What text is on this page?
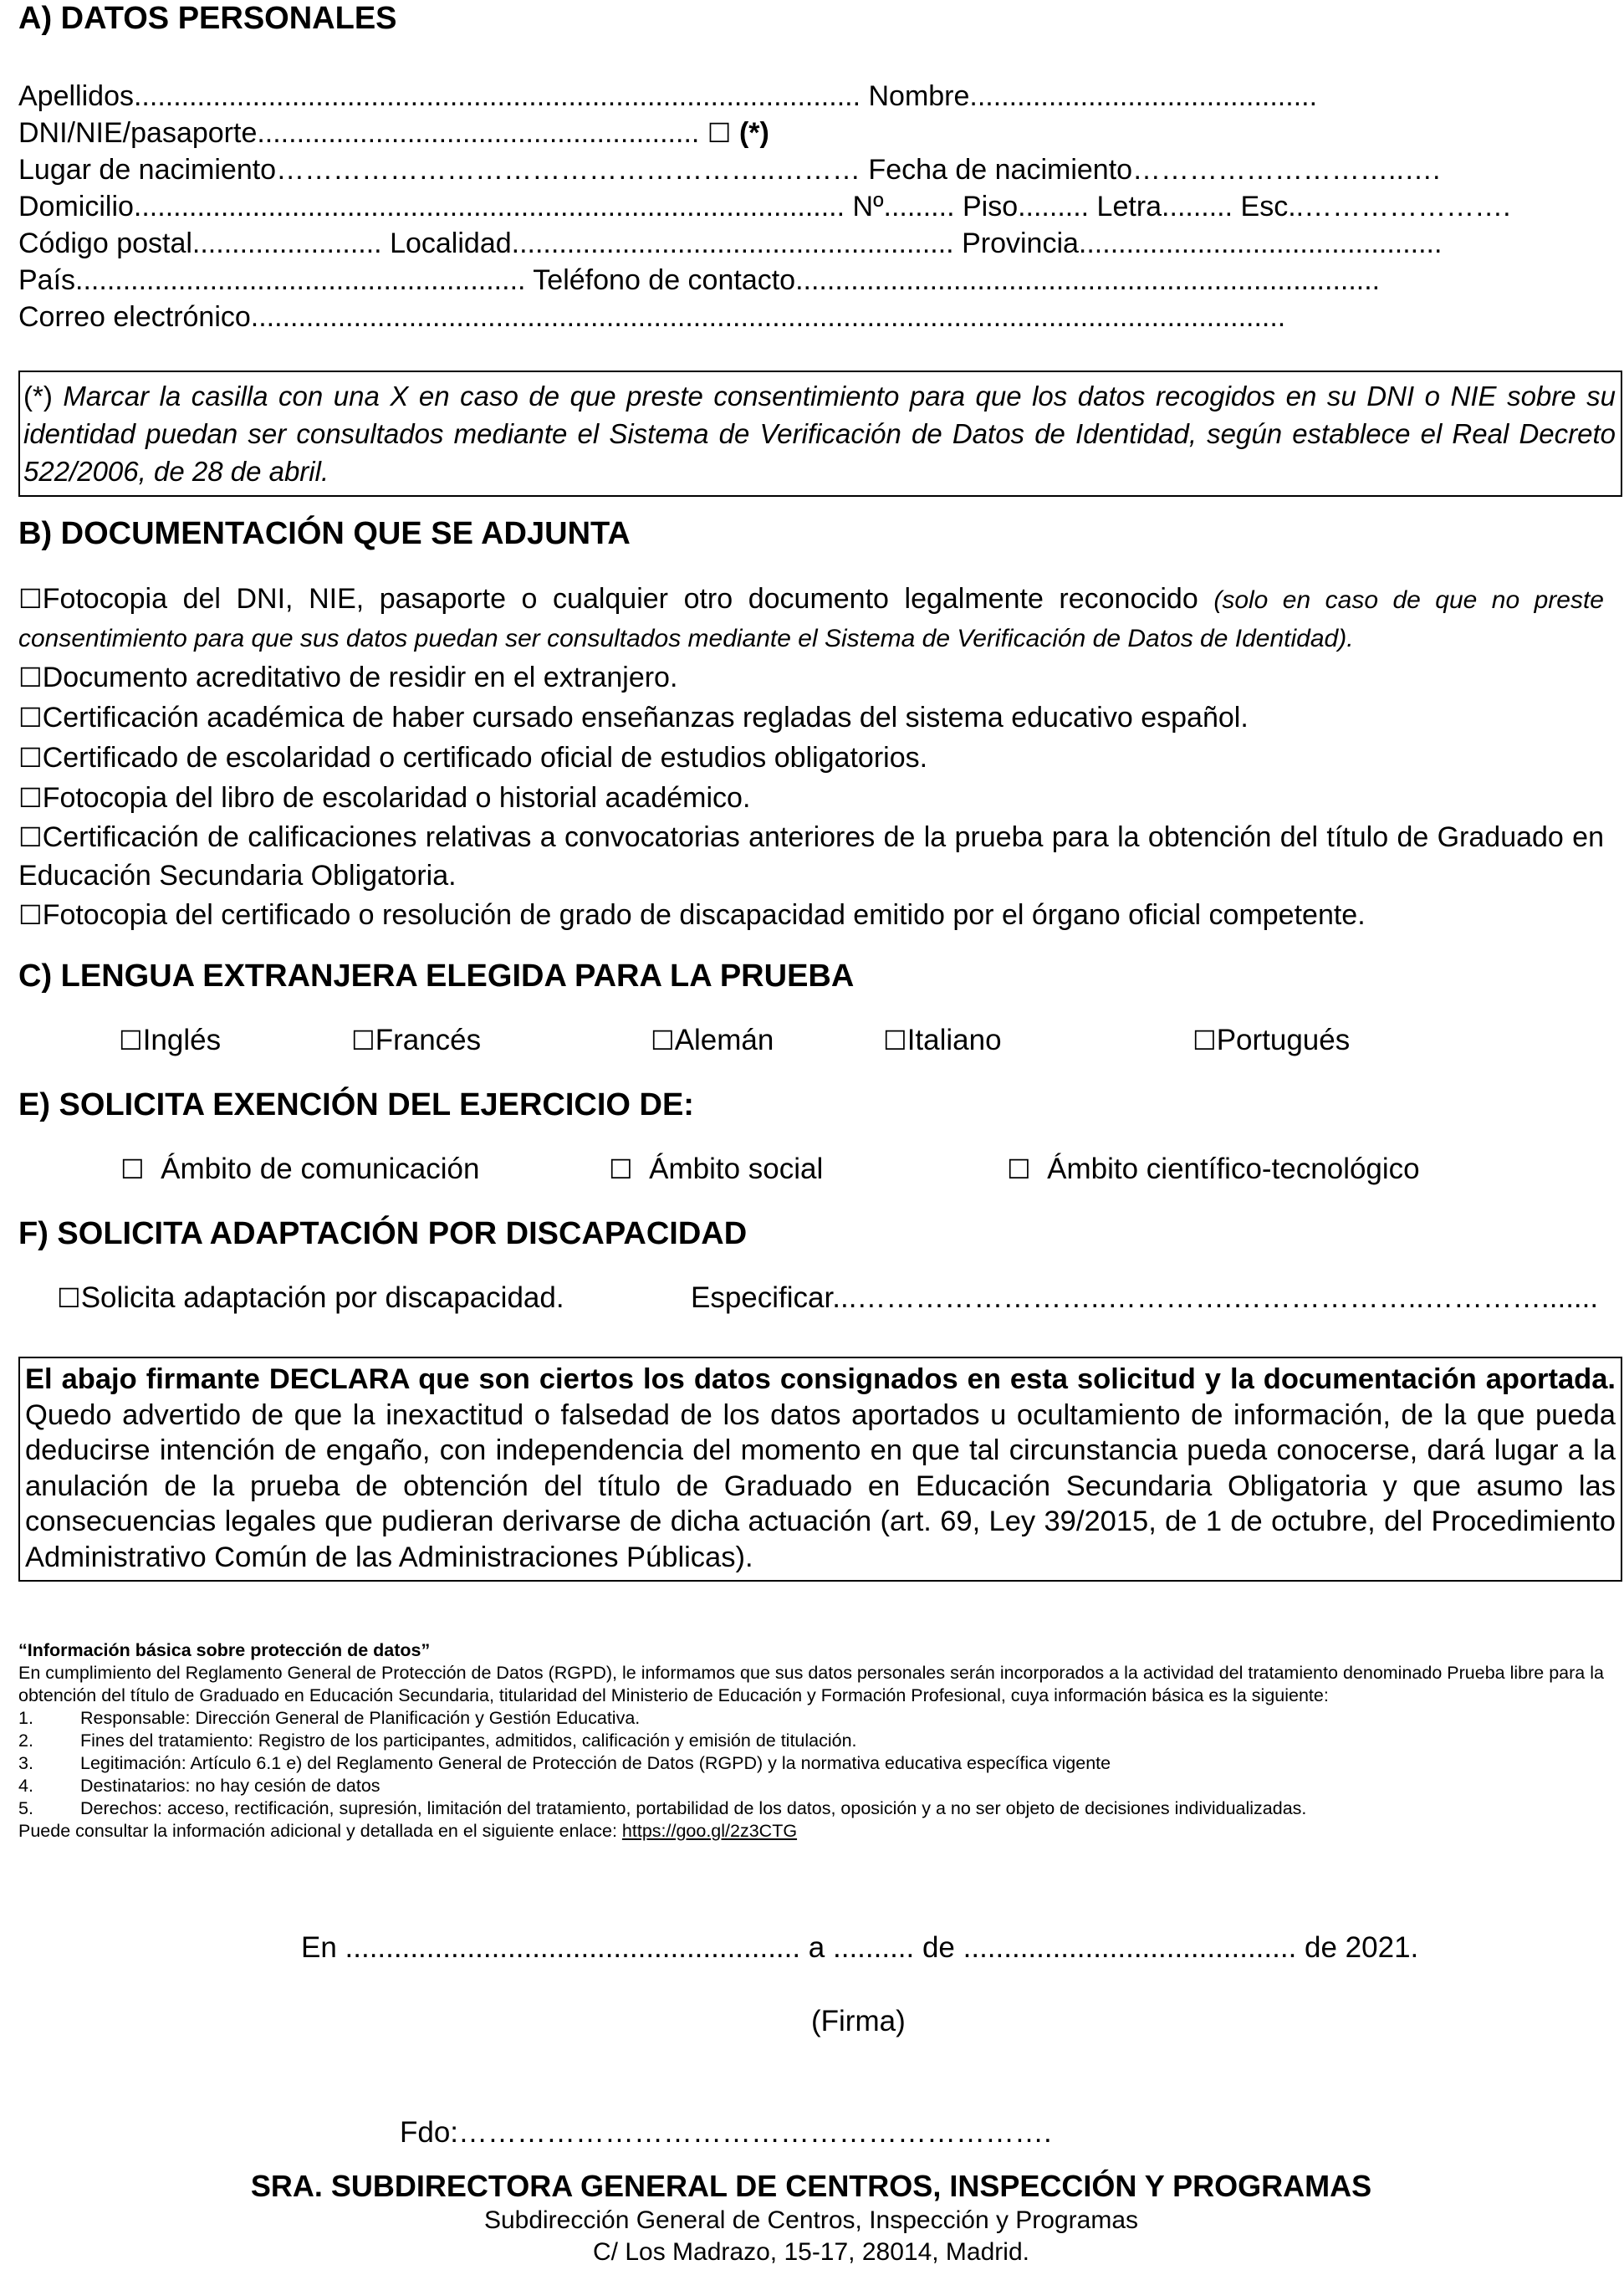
A) DATOS PERSONALES
Apellidos............................................................................................ Nombre............................................
DNI/NIE/pasaporte........................................................ ☐ (*)
Lugar de nacimiento……………………………………………..……… Fecha de nacimiento………………………..….
Domicilio.......................................................................................... Nº......... Piso......... Letra......... Esc..………………….
Código postal........................ Localidad........................................................ Provincia..............................................
País......................................................... Teléfono de contacto..........................................................................
Correo electrónico...................................................................................................................................
(*) Marcar la casilla con una X en caso de que preste consentimiento para que los datos recogidos en su DNI o NIE sobre su identidad puedan ser consultados mediante el Sistema de Verificación de Datos de Identidad, según establece el Real Decreto 522/2006, de 28 de abril.
B) DOCUMENTACIÓN QUE SE ADJUNTA
☐Fotocopia del DNI, NIE, pasaporte o cualquier otro documento legalmente reconocido (solo en caso de que no preste consentimiento para que sus datos puedan ser consultados mediante el Sistema de Verificación de Datos de Identidad).
☐Documento acreditativo de residir en el extranjero.
☐Certificación académica de haber cursado enseñanzas regladas del sistema educativo español.
☐Certificado de escolaridad o certificado oficial de estudios obligatorios.
☐Fotocopia del libro de escolaridad o historial académico.
☐Certificación de calificaciones relativas a convocatorias anteriores de la prueba para la obtención del título de Graduado en Educación Secundaria Obligatoria.
☐Fotocopia del certificado o resolución de grado de discapacidad emitido por el órgano oficial competente.
C) LENGUA EXTRANJERA ELEGIDA PARA LA PRUEBA
☐Inglés	☐Francés	☐Alemán	☐Italiano	☐Portugués
E) SOLICITA EXENCIÓN DEL EJERCICIO DE:
☐ Ámbito de comunicación	☐ Ámbito social	☐ Ámbito científico-tecnológico
F) SOLICITA ADAPTACIÓN POR DISCAPACIDAD
☐Solicita adaptación por discapacidad.	Especificar...……………………..………….………………..………….......
El abajo firmante DECLARA que son ciertos los datos consignados en esta solicitud y la documentación aportada. Quedo advertido de que la inexactitud o falsedad de los datos aportados u ocultamiento de información, de la que pueda deducirse intención de engaño, con independencia del momento en que tal circunstancia pueda conocerse, dará lugar a la anulación de la prueba de obtención del título de Graduado en Educación Secundaria Obligatoria y que asumo las consecuencias legales que pudieran derivarse de dicha actuación (art. 69, Ley 39/2015, de 1 de octubre, del Procedimiento Administrativo Común de las Administraciones Públicas).
“Información básica sobre protección de datos”
En cumplimiento del Reglamento General de Protección de Datos (RGPD), le informamos que sus datos personales serán incorporados a la actividad del tratamiento denominado Prueba libre para la obtención del título de Graduado en Educación Secundaria, titularidad del Ministerio de Educación y Formación Profesional, cuya información básica es la siguiente:
1.	Responsable: Dirección General de Planificación y Gestión Educativa.
2.	Fines del tratamiento: Registro de los participantes, admitidos, calificación y emisión de titulación.
3.	Legitimación: Artículo 6.1 e) del Reglamento General de Protección de Datos (RGPD) y la normativa educativa específica vigente
4.	Destinatarios: no hay cesión de datos
5.	Derechos: acceso, rectificación, supresión, limitación del tratamiento, portabilidad de los datos, oposición y a no ser objeto de decisiones individualizadas.
Puede consultar la información adicional y detallada en el siguiente enlace: https://goo.gl/2z3CTG
En ........................................................ a .......... de ......................................... de 2021.
(Firma)
Fdo:…………………………………………………….
SRA. SUBDIRECTORA GENERAL DE CENTROS, INSPECCIÓN Y PROGRAMAS
Subdirección General de Centros, Inspección y Programas
C/ Los Madrazo, 15-17, 28014, Madrid.
